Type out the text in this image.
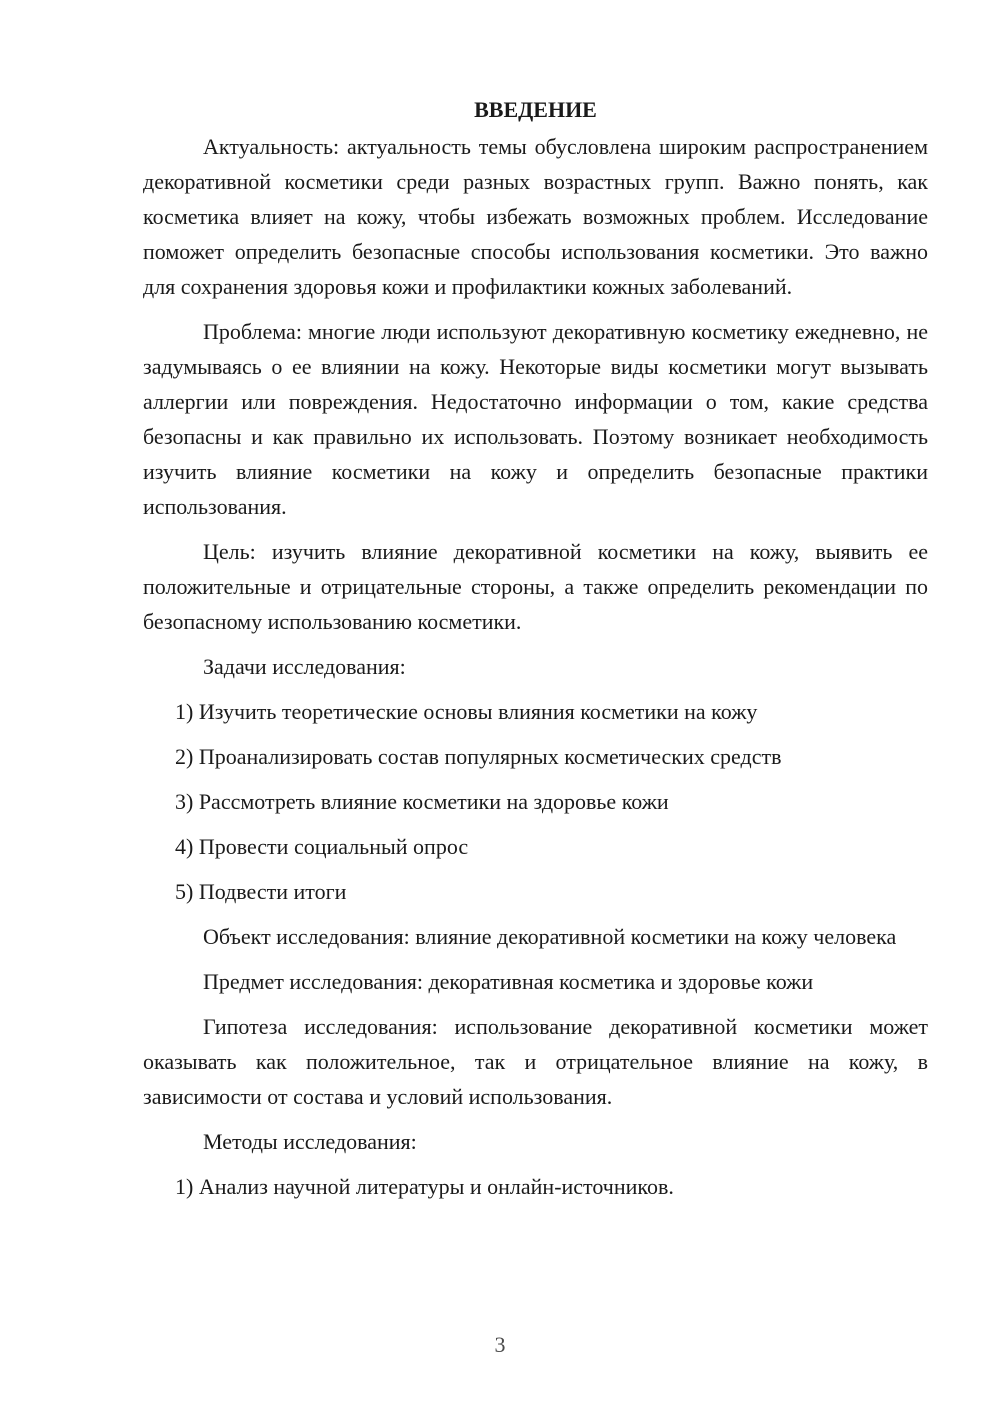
ВВЕДЕНИЕ

Актуальность: актуальность темы обусловлена широким распространением декоративной косметики среди разных возрастных групп. Важно понять, как косметика влияет на кожу, чтобы избежать возможных проблем. Исследование поможет определить безопасные способы использования косметики. Это важно для сохранения здоровья кожи и профилактики кожных заболеваний.

Проблема: многие люди используют декоративную косметику ежедневно, не задумываясь о ее влиянии на кожу. Некоторые виды косметики могут вызывать аллергии или повреждения. Недостаточно информации о том, какие средства безопасны и как правильно их использовать. Поэтому возникает необходимость изучить влияние косметики на кожу и определить безопасные практики использования.

Цель: изучить влияние декоративной косметики на кожу, выявить ее положительные и отрицательные стороны, а также определить рекомендации по безопасному использованию косметики.

Задачи исследования:
1) Изучить теоретические основы влияния косметики на кожу
2) Проанализировать состав популярных косметических средств
3) Рассмотреть влияние косметики на здоровье кожи
4) Провести социальный опрос
5) Подвести итоги

Объект исследования: влияние декоративной косметики на кожу человека

Предмет исследования: декоративная косметика и здоровье кожи

Гипотеза исследования: использование декоративной косметики может оказывать как положительное, так и отрицательное влияние на кожу, в зависимости от состава и условий использования.

Методы исследования:
1) Анализ научной литературы и онлайн-источников.
3
